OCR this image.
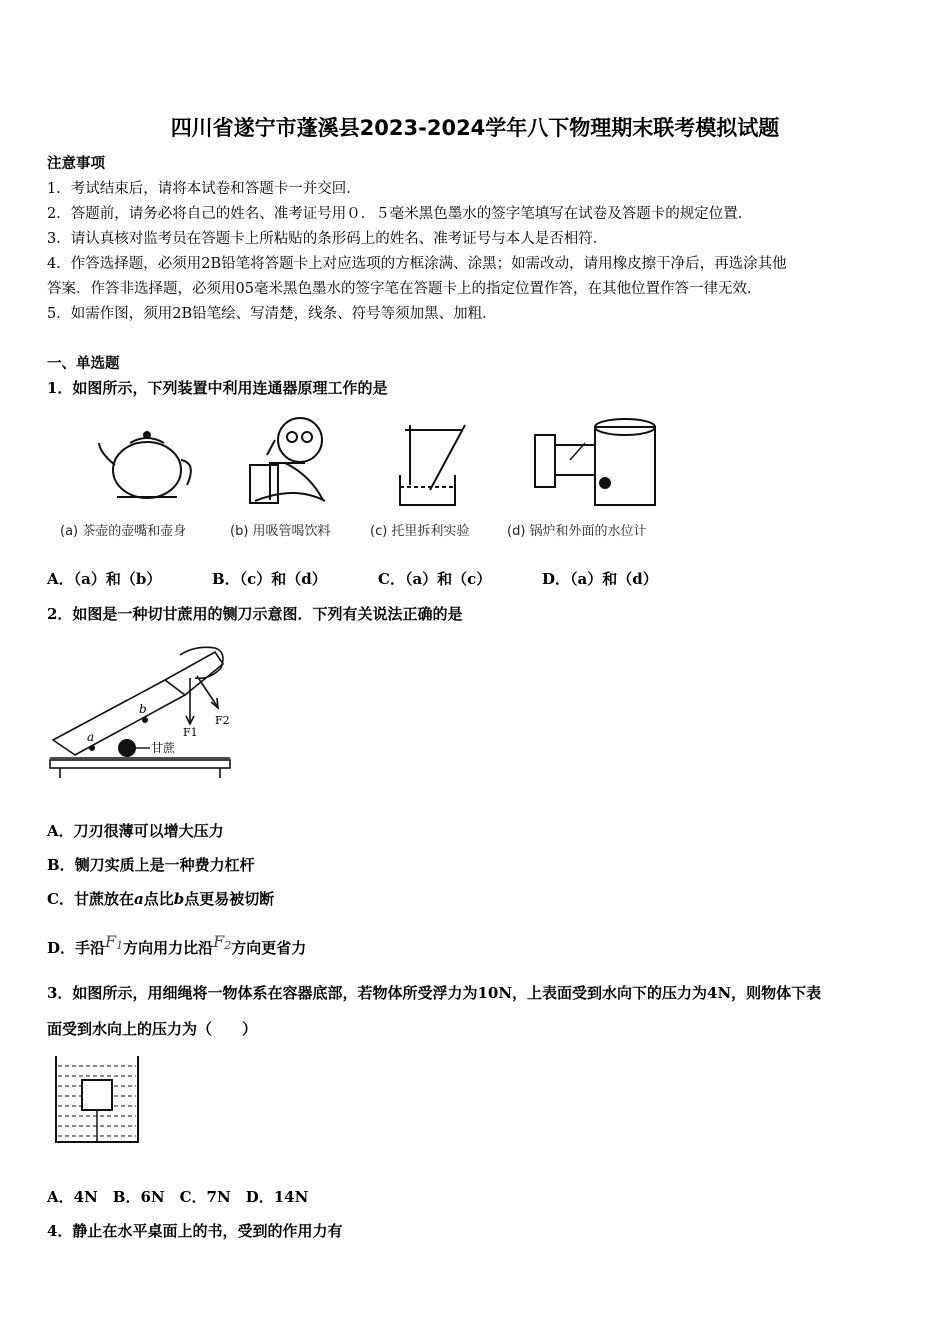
四川省遂宁市蓬溪县2023-2024学年八下物理期末联考模拟试题
注意事项
1．考试结束后，请将本试卷和答题卡一并交回．
2．答题前，请务必将自己的姓名、准考证号用０．５毫米黑色墨水的签字笔填写在试卷及答题卡的规定位置．
3．请认真核对监考员在答题卡上所粘贴的条形码上的姓名、准考证号与本人是否相符．
4．作答选择题，必须用2B铅笔将答题卡上对应选项的方框涂满、涂黑；如需改动，请用橡皮擦干净后，再选涂其他
答案．作答非选择题，必须用05毫米黑色墨水的签字笔在答题卡上的指定位置作答，在其他位置作答一律无效．
5．如需作图，须用2B铅笔绘、写清楚，线条、符号等须加黑、加粗．
一、单选题
1．如图所示，下列装置中利用连通器原理工作的是
(a) 茶壶的壶嘴和壶身	(b) 用吸管喝饮料	(c) 托里拆利实验	(d) 锅炉和外面的水位计
A．（a）和（b）	B．（c）和（d）	C．（a）和（c）	D．（a）和（d）
2．如图是一种切甘蔗用的铡刀示意图．下列有关说法正确的是
a
b
F1
F2
甘蔗
A．刀刃很薄可以增大压力
B．铡刀实质上是一种费力杠杆
C．甘蔗放在a点比b点更易被切断
D．手沿$F^1$方向用力比沿$F^2$方向更省力
3．如图所示，用细绳将一物体系在容器底部，若物体所受浮力为10N，上表面受到水向下的压力为4N，则物体下表
面受到水向上的压力为（　　）
A．4N　B．6N　C．7N　D．14N
4．静止在水平桌面上的书，受到的作用力有
